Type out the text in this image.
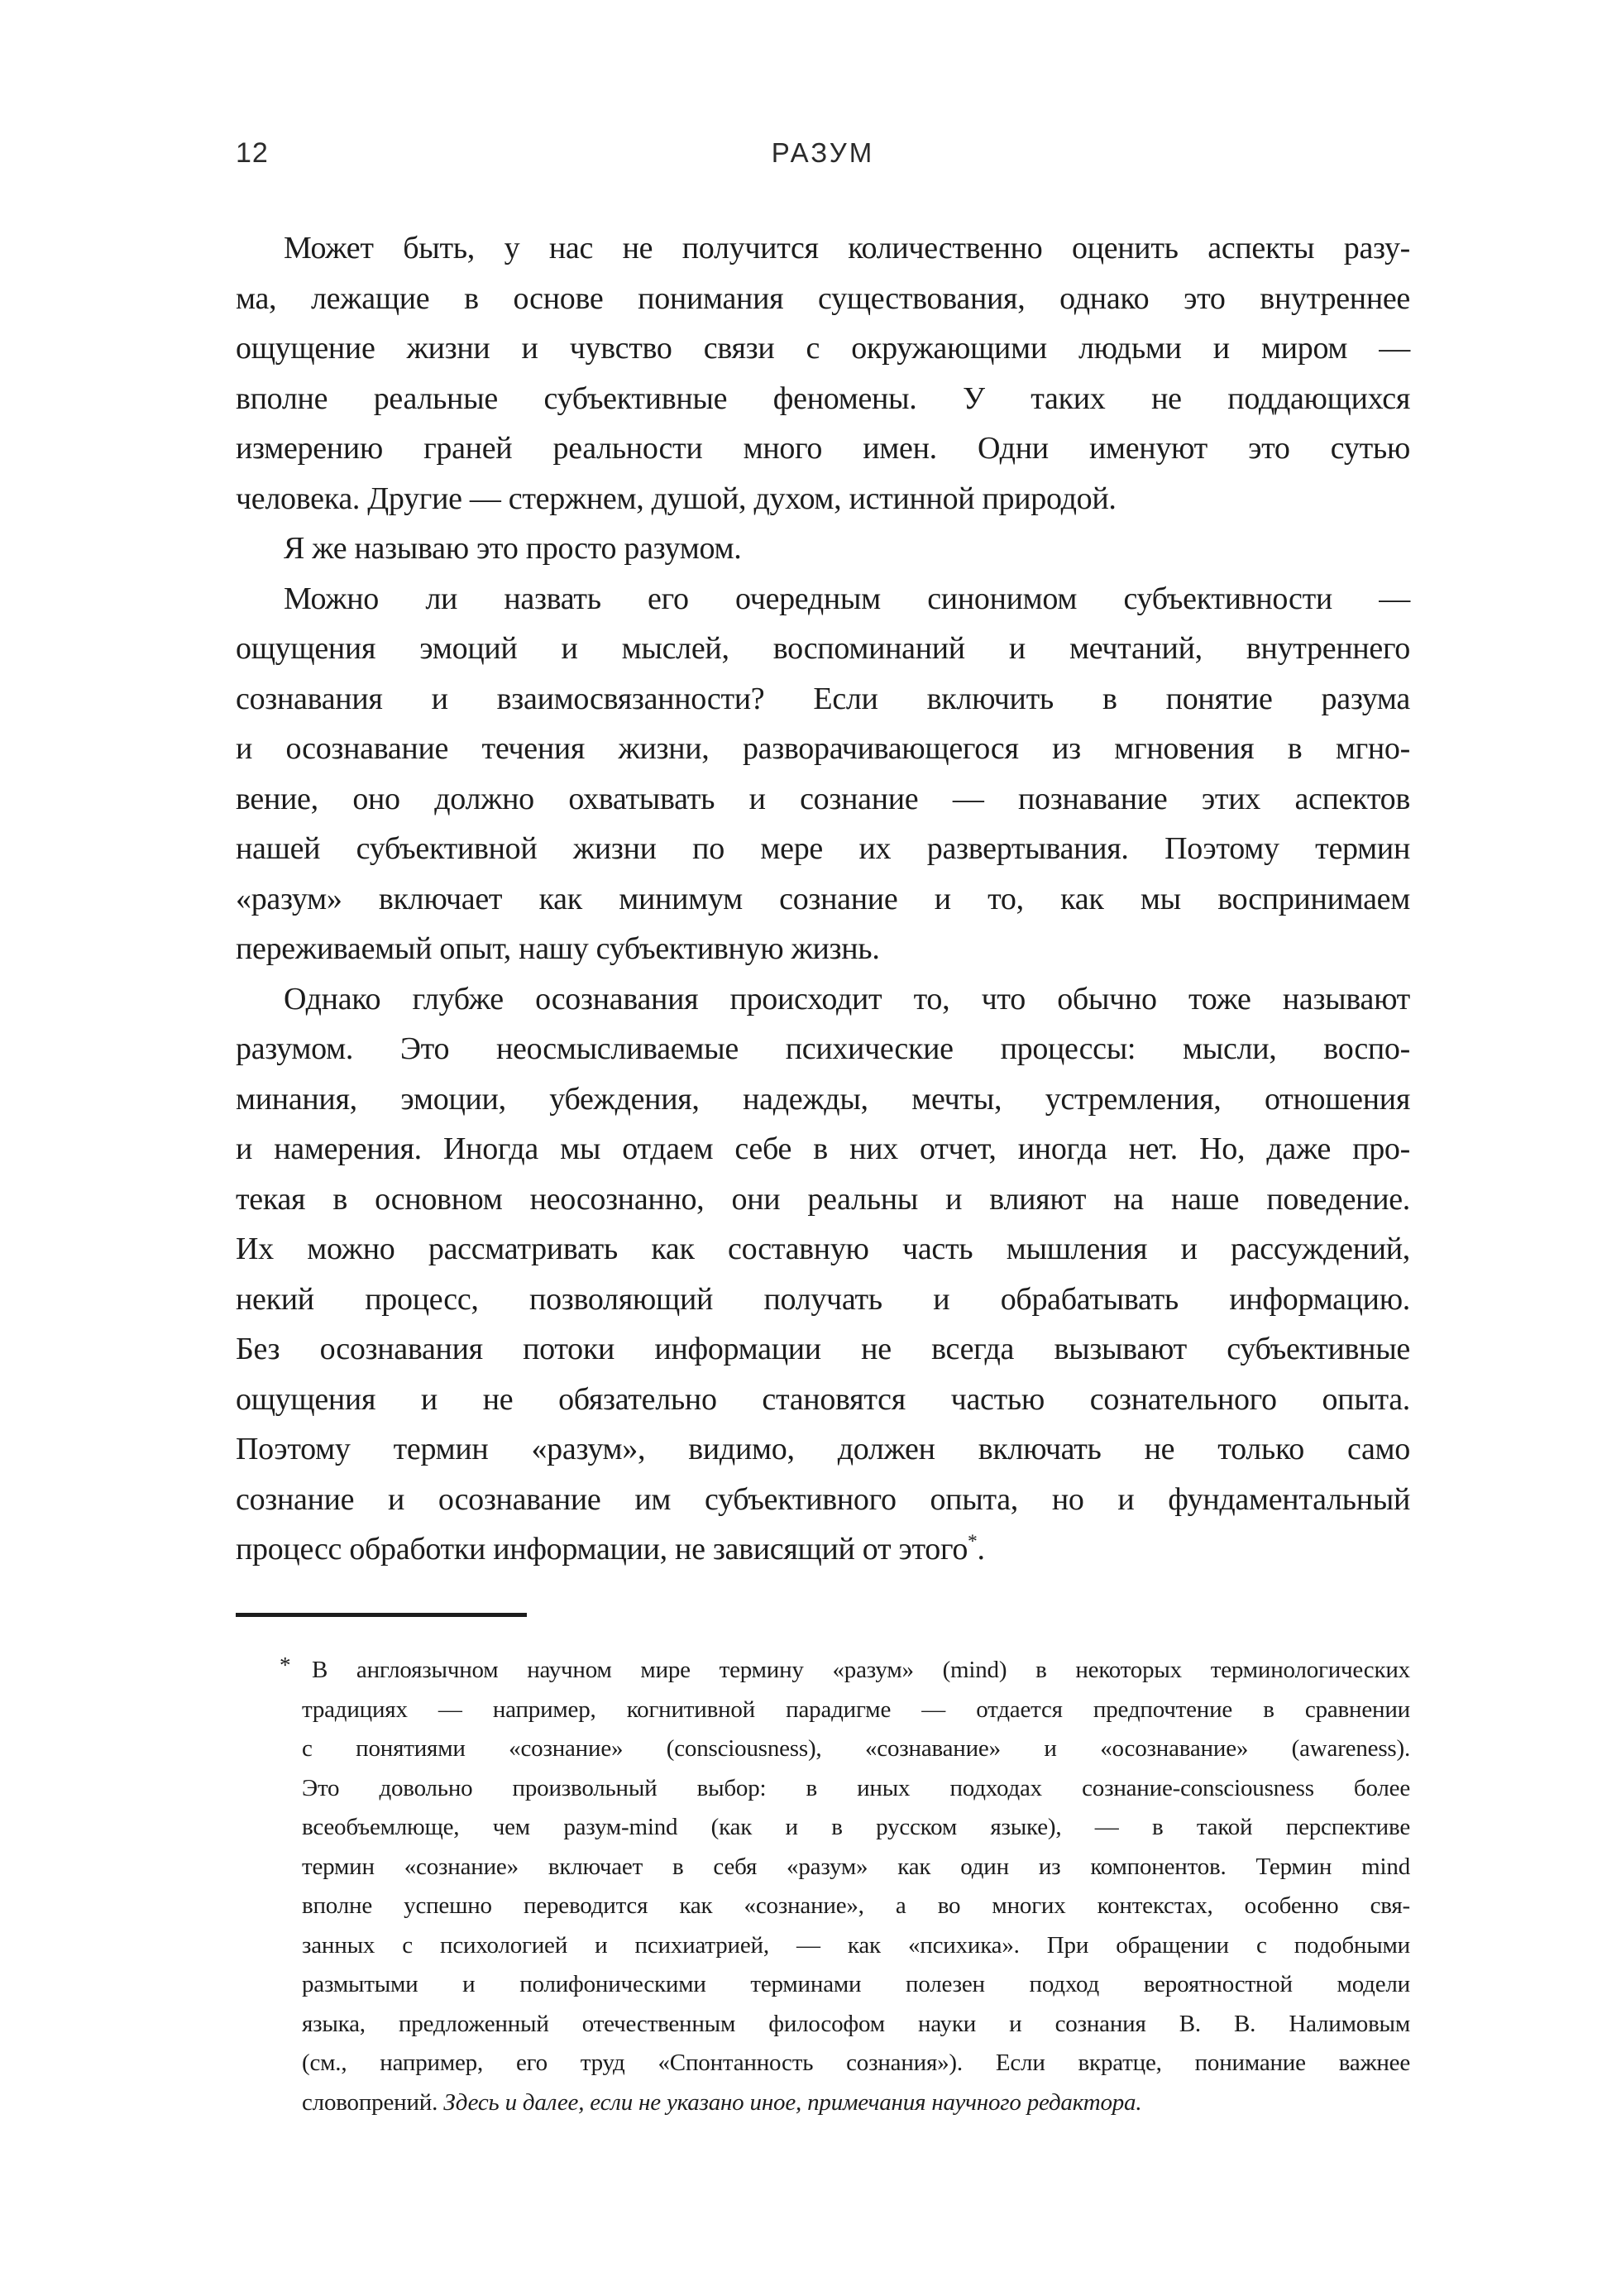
12	РАЗУМ
Может быть, у нас не получится количественно оценить аспекты разу-
ма, лежащие в основе понимания существования, однако это внутреннее
ощущение жизни и чувство связи с окружающими людьми и миром —
вполне реальные субъективные феномены. У таких не поддающихся
измерению граней реальности много имен. Одни именуют это сутью
человека. Другие — стержнем, душой, духом, истинной природой.
Я же называю это просто разумом.
Можно ли назвать его очередным синонимом субъективности —
ощущения эмоций и мыслей, воспоминаний и мечтаний, внутреннего
сознавания и взаимосвязанности? Если включить в понятие разума
и осознавание течения жизни, разворачивающегося из мгновения в мгно-
вение, оно должно охватывать и сознание — познавание этих аспектов
нашей субъективной жизни по мере их развертывания. Поэтому термин
«разум» включает как минимум сознание и то, как мы воспринимаем
переживаемый опыт, нашу субъективную жизнь.
Однако глубже осознавания происходит то, что обычно тоже называют
разумом. Это неосмысливаемые психические процессы: мысли, воспо-
минания, эмоции, убеждения, надежды, мечты, устремления, отношения
и намерения. Иногда мы отдаем себе в них отчет, иногда нет. Но, даже про-
текая в основном неосознанно, они реальны и влияют на наше поведение.
Их можно рассматривать как составную часть мышления и рассуждений,
некий процесс, позволяющий получать и обрабатывать информацию.
Без осознавания потоки информации не всегда вызывают субъективные
ощущения и не обязательно становятся частью сознательного опыта.
Поэтому термин «разум», видимо, должен включать не только само
сознание и осознавание им субъективного опыта, но и фундаментальный
процесс обработки информации, не зависящий от этого*.
* В англоязычном научном мире термину «разум» (mind) в некоторых терминологических
традициях — например, когнитивной парадигме — отдается предпочтение в сравнении
с понятиями «сознание» (consciousness), «сознавание» и «осознавание» (awareness).
Это довольно произвольный выбор: в иных подходах сознание-consciousness более
всеобъемлюще, чем разум-mind (как и в русском языке), — в такой перспективе
термин «сознание» включает в себя «разум» как один из компонентов. Термин mind
вполне успешно переводится как «сознание», а во многих контекстах, особенно свя-
занных с психологией и психиатрией, — как «психика». При обращении с подобными
размытыми и полифоническими терминами полезен подход вероятностной модели
языка, предложенный отечественным философом науки и сознания В. В. Налимовым
(см., например, его труд «Спонтанность сознания»). Если вкратце, понимание важнее
словопрений. Здесь и далее, если не указано иное, примечания научного редактора.
